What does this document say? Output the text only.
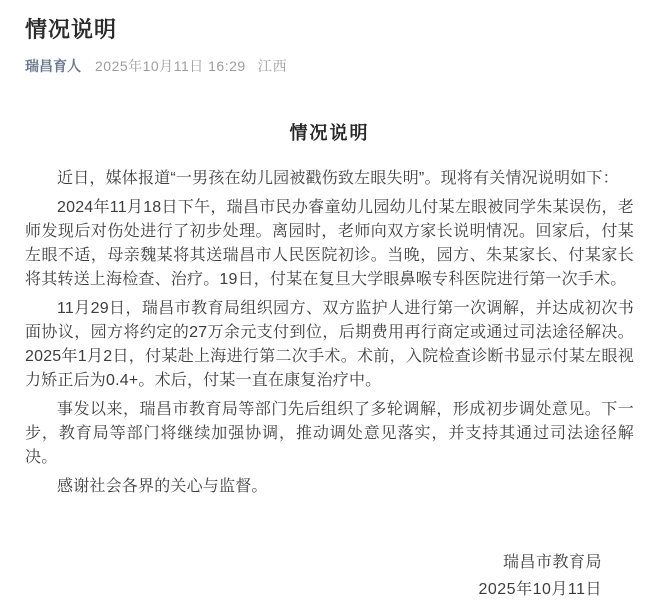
情况说明
瑞昌育人 2025年10月11日 16:29 江西
情况说明

近日，媒体报道“一男孩在幼儿园被戳伤致左眼失明”。现将有关情况说明如下：

2024年11月18日下午，瑞昌市民办睿童幼儿园幼儿付某左眼被同学朱某误伤，老师发现后对伤处进行了初步处理。离园时，老师向双方家长说明情况。回家后，付某左眼不适，母亲魏某将其送瑞昌市人民医院初诊。当晚，园方、朱某家长、付某家长将其转送上海检查、治疗。19日，付某在复旦大学眼鼻喉专科医院进行第一次手术。

11月29日，瑞昌市教育局组织园方、双方监护人进行第一次调解，并达成初次书面协议，园方将约定的27万余元支付到位，后期费用再行商定或通过司法途径解决。2025年1月2日，付某赴上海进行第二次手术。术前，入院检查诊断书显示付某左眼视力矫正后为0.4+。术后，付某一直在康复治疗中。

事发以来，瑞昌市教育局等部门先后组织了多轮调解，形成初步调处意见。下一步，教育局等部门将继续加强协调，推动调处意见落实，并支持其通过司法途径解决。

感谢社会各界的关心与监督。

瑞昌市教育局
2025年10月11日
